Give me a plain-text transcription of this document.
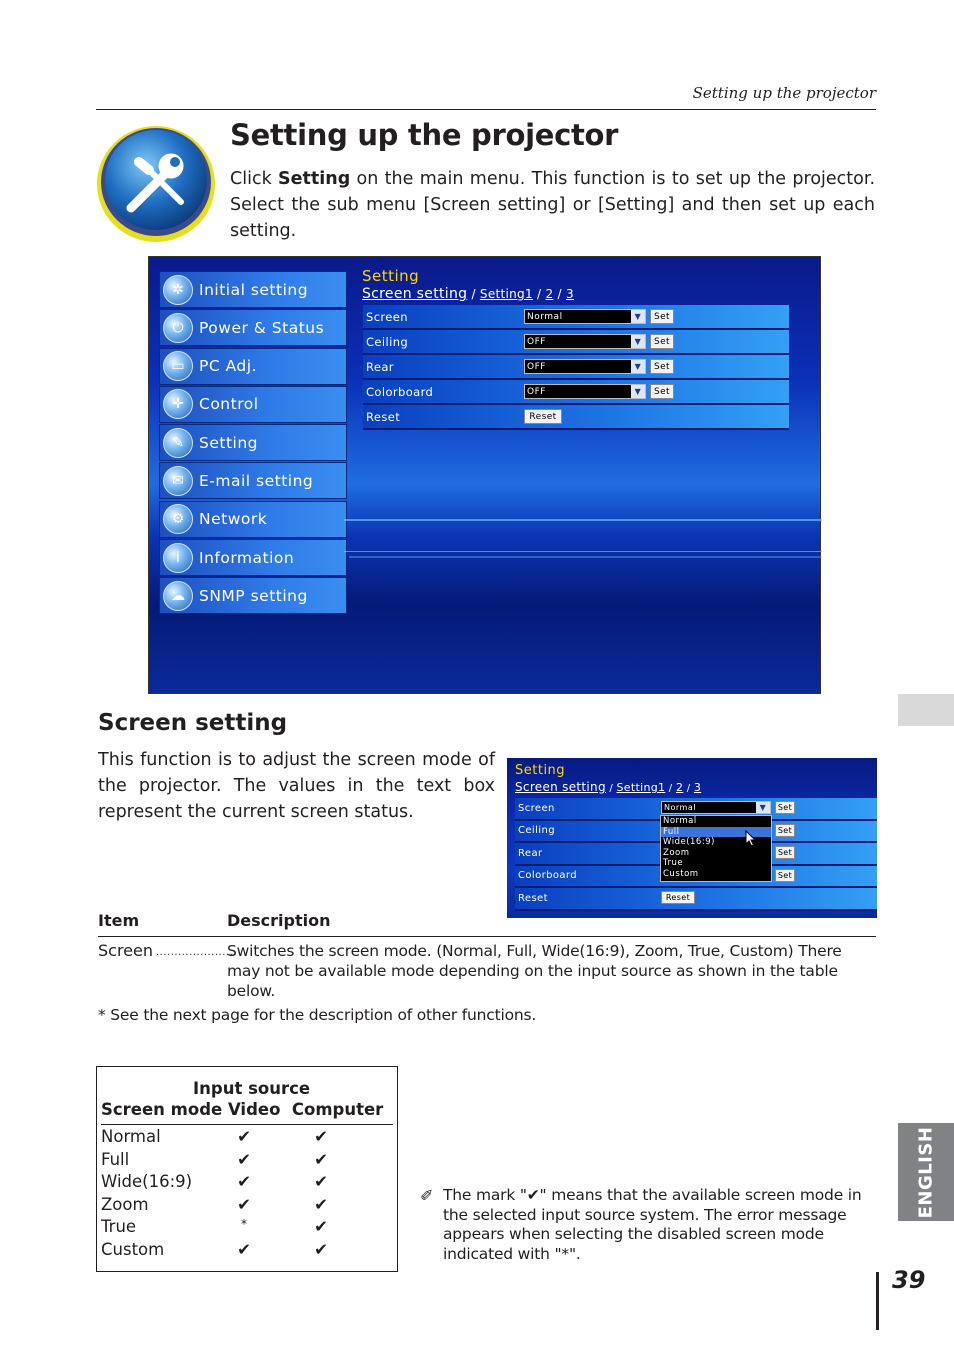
Setting up the projector
Setting up the projector

Click Setting on the main menu. This function is to set up the projector. Select the sub menu [Screen setting] or [Setting] and then set up each setting.

✲ Initial setting
⏻ Power & Status
▭ PC Adj.
✛ Control
✎ Setting
✉ E-mail setting
⚙ Network
i	Information
☁ SNMP setting
Setting
Screen setting / Setting1 / 2 / 3
Screen	Normal	▼	Set
Ceiling	OFF	▼	Set
Rear	OFF	▼	Set
Colorboard	OFF	▼	Set
Reset	Reset
Screen setting

This function is to adjust the screen mode of the projector. The values in the text box represent the current screen status.

Setting
Screen setting / Setting1 / 2 / 3
Screen	Normal	▼	Set
Ceiling	Set
Rear	Set
Colorboard	Set
Reset	Reset
Normal
Full
Wide(16:9)
Zoom
True
Custom
Item	Description
Screen ......................
Switches the screen mode. (Normal, Full, Wide(16:9), Zoom, True, Custom) There may not be available mode depending on the input source as shown in the table below.
* See the next page for the description of other functions.
Input source
Screen mode Video  Computer
Normal	✔	✔
Full	✔	✔
Wide(16:9)	✔	✔
Zoom	✔	✔
True	*	✔
Custom	✔	✔
✐ The mark "✔" means that the available screen mode in the selected input source system. The error message appears when selecting the disabled screen mode indicated with "*".
ENGLISH
39
